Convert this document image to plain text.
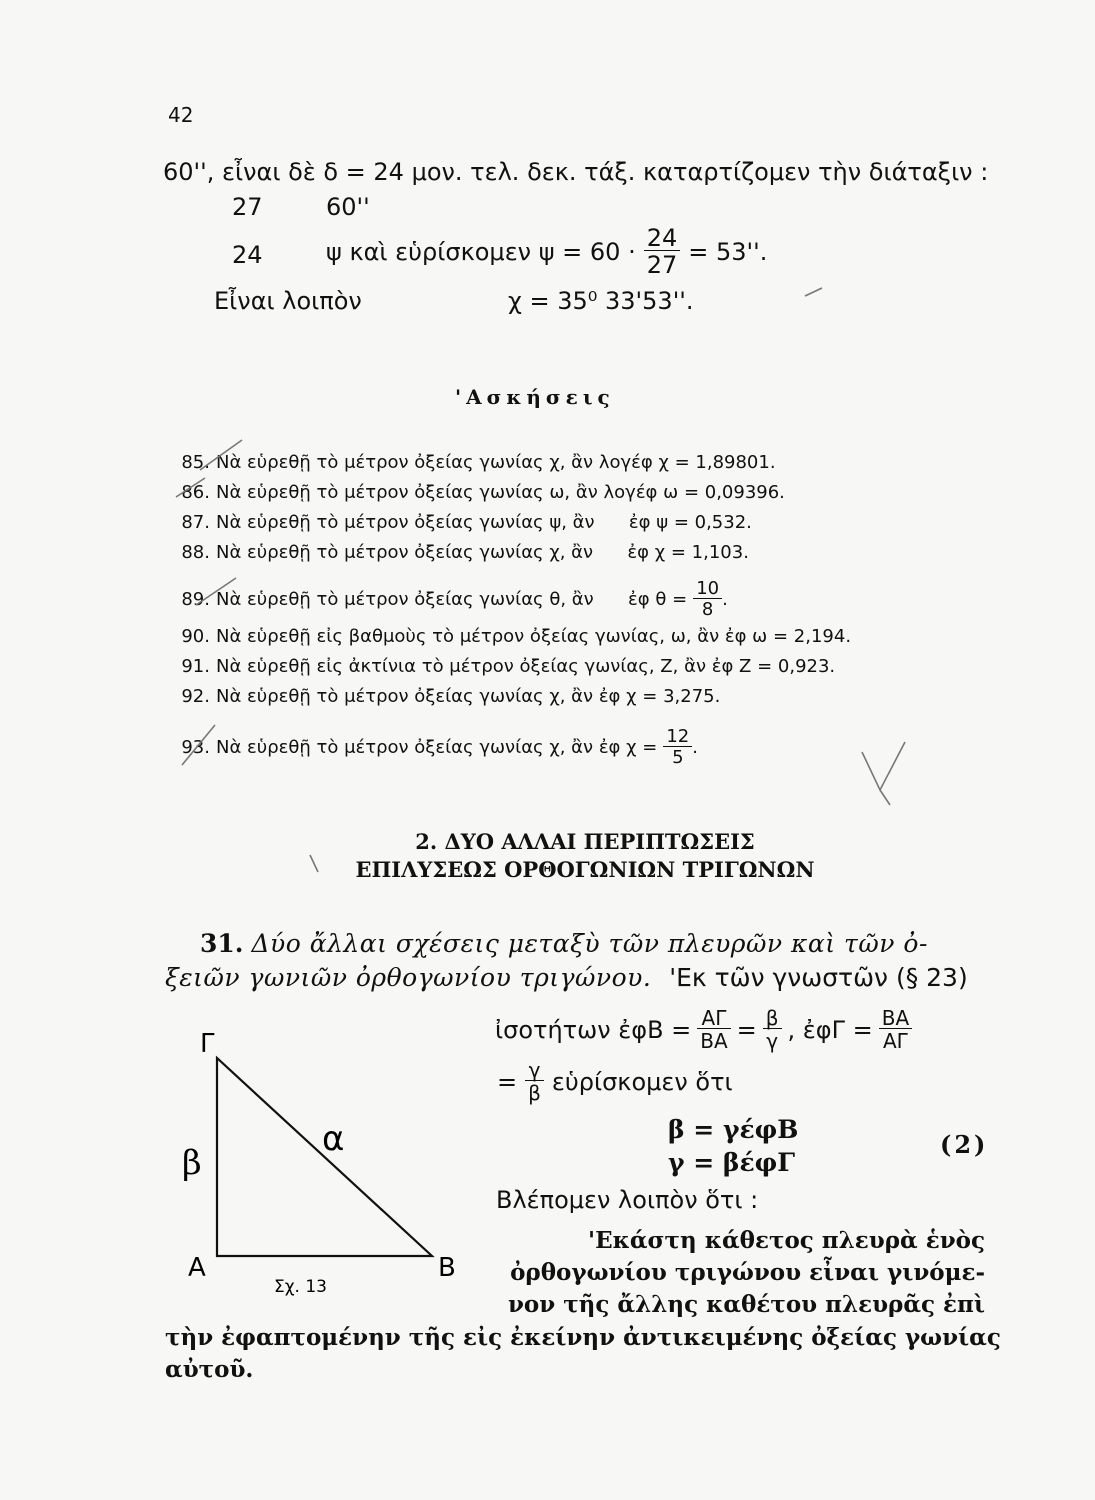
42
60'', εἶναι δὲ δ = 24 μον. τελ. δεκ. τάξ. καταρτίζομεν τὴν διάταξιν :
27	60''
24	ψ καὶ εὑρίσκομεν $\psi = 60 \cdot \frac{24}{27} = 53''$.
Εἶναι λοιπὸν	χ = 35⁰ 33'53''.
'Ασκήσεις
85. Νὰ εὑρεθῇ τὸ μέτρον ὀξείας γωνίας χ, ἂν λογέφ χ = 1,89801.
86. Νὰ εὑρεθῇ τὸ μέτρον ὀξείας γωνίας ω, ἂν λογέφ ω = 0,09396.
87. Νὰ εὑρεθῇ τὸ μέτρον ὀξείας γωνίας ψ, ἂν      ἐφ ψ = 0,532.
88. Νὰ εὑρεθῇ τὸ μέτρον ὀξείας γωνίας χ, ἂν      ἐφ χ = 1,103.
89. Νὰ εὑρεθῇ τὸ μέτρον ὀξείας γωνίας θ, ἂν      ἐφ $\theta = \frac{10}{8}$ .
90. Νὰ εὑρεθῇ εἰς βαθμοὺς τὸ μέτρον ὀξείας γωνίας, ω, ἂν ἐφ ω = 2,194.
91. Νὰ εὑρεθῇ εἰς ἀκτίνια τὸ μέτρον ὀξείας γωνίας, Ζ, ἂν ἐφ Ζ = 0,923.
92. Νὰ εὑρεθῇ τὸ μέτρον ὀξείας γωνίας χ, ἂν ἐφ χ = 3,275.
93. Νὰ εὑρεθῇ τὸ μέτρον ὀξείας γωνίας χ, ἂν ἐφ $\chi = \frac{12}{5}$ .
2. ΔΥΟ ΑΛΛΑΙ ΠΕΡΙΠΤΩΣΕΙΣ
ΕΠΙΛΥΣΕΩΣ ΟΡΘΟΓΩΝΙΩΝ ΤΡΙΓΩΝΩΝ
31. Δύο ἄλλαι σχέσεις μεταξὺ τῶν πλευρῶν καὶ τῶν ὀ-
ξειῶν γωνιῶν ὀρθογωνίου τριγώνου. 'Εκ τῶν γνωστῶν (§ 23)
ἰσοτήτων ἐφΒ = $\frac{A\Gamma}{BA} = \frac{\beta}{\gamma}$ , ἐφΓ = $\frac{BA}{A\Gamma}$
= $\frac{\gamma}{\beta}$ εὑρίσκομεν ὅτι
β = γέφΒ
γ = βέφΓ
(2)
Βλέπομεν λοιπὸν ὅτι :
'Εκάστη κάθετος πλευρὰ ἑνὸς
ὀρθογωνίου τριγώνου εἶναι γινόμε-
νον τῆς ἄλλης καθέτου πλευρᾶς ἐπὶ
τὴν ἐφαπτομένην τῆς εἰς ἐκείνην ἀντικειμένης ὀξείας γωνίας
αὐτοῦ.
Γ
Α	Β
α
β
Σχ. 13
